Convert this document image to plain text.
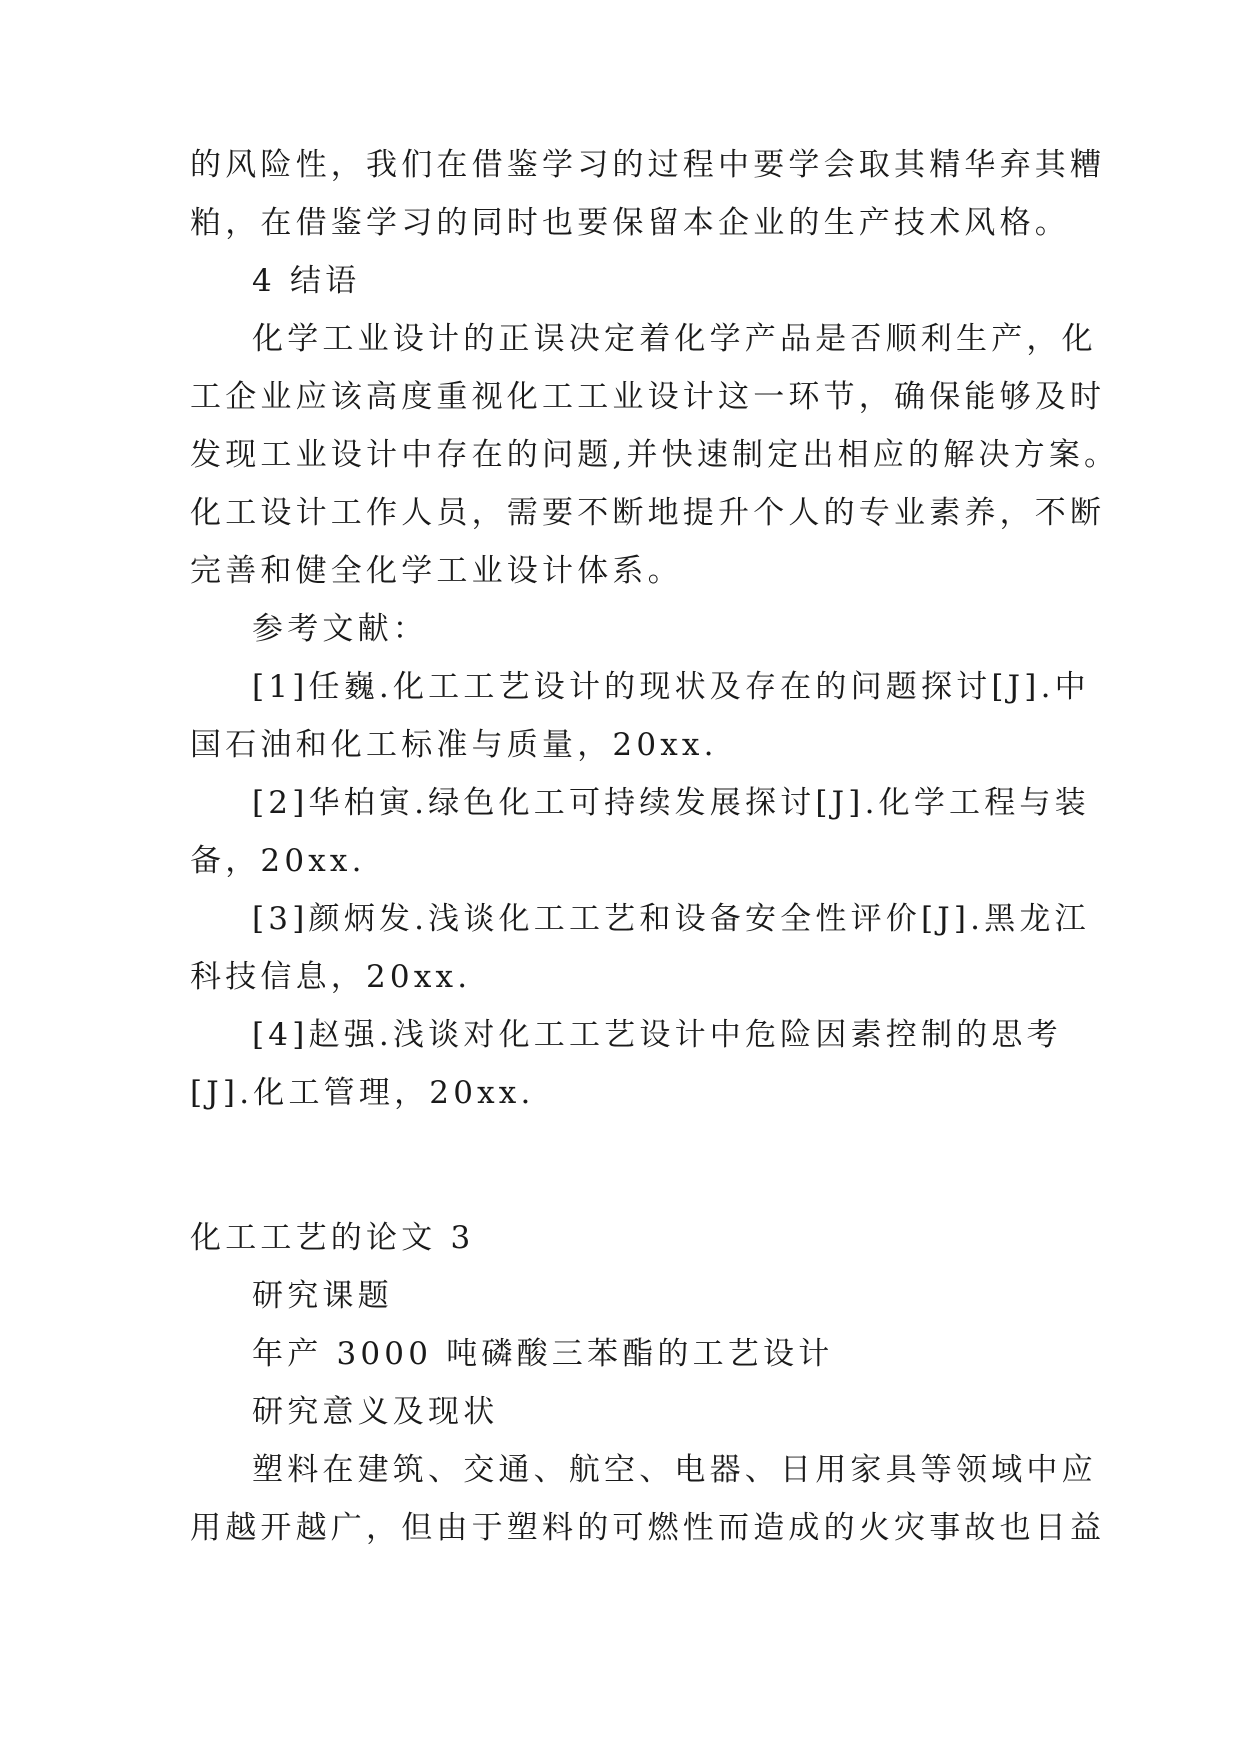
的风险性，我们在借鉴学习的过程中要学会取其精华弃其糟
粕，在借鉴学习的同时也要保留本企业的生产技术风格。
4 结语
化学工业设计的正误决定着化学产品是否顺利生产，化
工企业应该高度重视化工工业设计这一环节，确保能够及时
发现工业设计中存在的问题,并快速制定出相应的解决方案。
化工设计工作人员，需要不断地提升个人的专业素养，不断
完善和健全化学工业设计体系。
参考文献：
[1]任巍.化工工艺设计的现状及存在的问题探讨[J].中
国石油和化工标准与质量，20xx.
[2]华柏寅.绿色化工可持续发展探讨[J].化学工程与装
备，20xx.
[3]颜炳发.浅谈化工工艺和设备安全性评价[J].黑龙江
科技信息，20xx.
[4]赵强.浅谈对化工工艺设计中危险因素控制的思考
[J].化工管理，20xx.
化工工艺的论文 3
研究课题
年产 3000 吨磷酸三苯酯的工艺设计
研究意义及现状
塑料在建筑、交通、航空、电器、日用家具等领域中应
用越开越广，但由于塑料的可燃性而造成的火灾事故也日益
